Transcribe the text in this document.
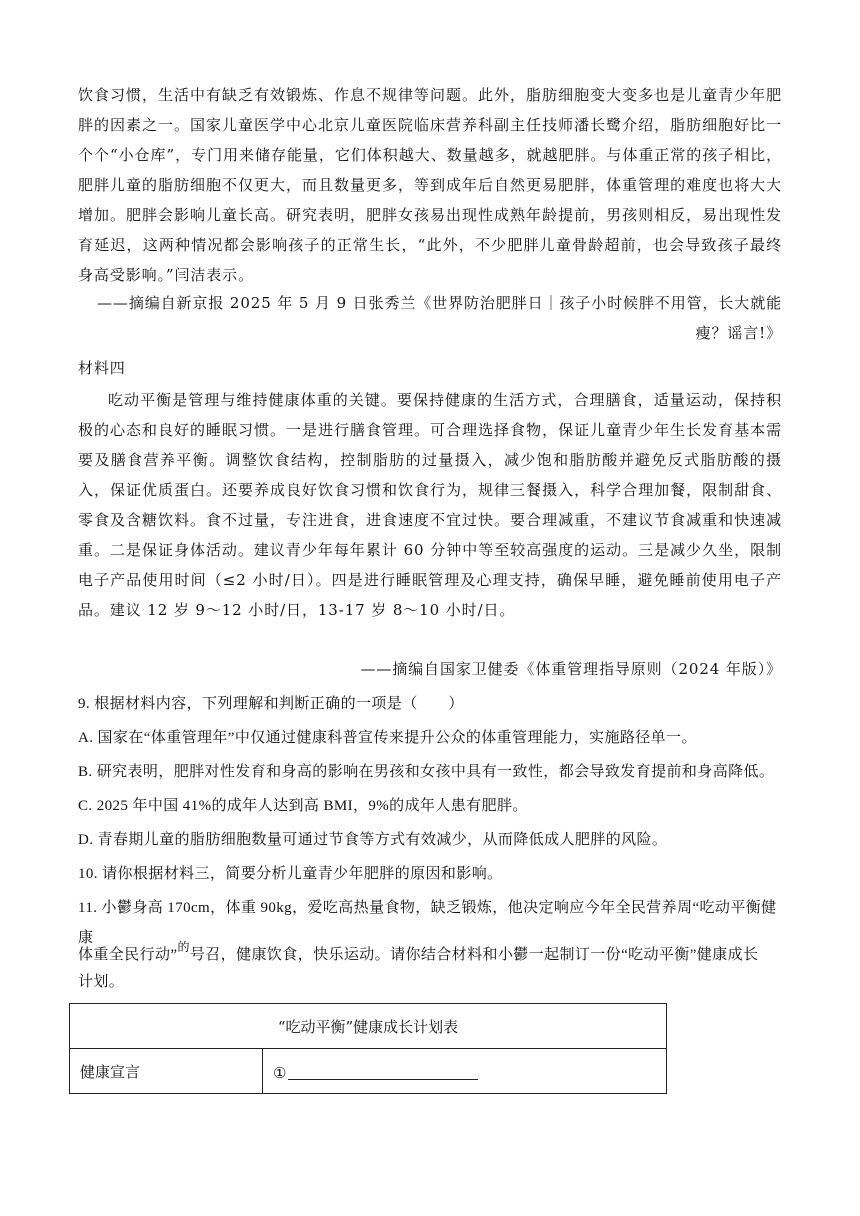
饮食习惯，生活中有缺乏有效锻炼、作息不规律等问题。此外，脂肪细胞变大变多也是儿童青少年肥胖的因素之一。国家儿童医学中心北京儿童医院临床营养科副主任技师潘长鹭介绍，脂肪细胞好比一个个“小仓库”，专门用来储存能量，它们体积越大、数量越多，就越肥胖。与体重正常的孩子相比，肥胖儿童的脂肪细胞不仅更大，而且数量更多，等到成年后自然更易肥胖，体重管理的难度也将大大增加。肥胖会影响儿童长高。研究表明，肥胖女孩易出现性成熟年龄提前，男孩则相反，易出现性发育延迟，这两种情况都会影响孩子的正常生长，“此外，不少肥胖儿童骨龄超前，也会导致孩子最终身高受影响。”闫洁表示。

——摘编自新京报 2025 年 5 月 9 日张秀兰《世界防治肥胖日｜孩子小时候胖不用管，长大就能瘦？谣言!》

材料四

吃动平衡是管理与维持健康体重的关键。要保持健康的生活方式，合理膳食，适量运动，保持积极的心态和良好的睡眠习惯。一是进行膳食管理。可合理选择食物，保证儿童青少年生长发育基本需要及膳食营养平衡。调整饮食结构，控制脂肪的过量摄入，减少饱和脂肪酸并避免反式脂肪酸的摄入，保证优质蛋白。还要养成良好饮食习惯和饮食行为，规律三餐摄入，科学合理加餐，限制甜食、零食及含糖饮料。食不过量，专注进食，进食速度不宜过快。要合理减重，不建议节食减重和快速减重。二是保证身体活动。建议青少年每年累计 60 分钟中等至较高强度的运动。三是减少久坐，限制电子产品使用时间（≤2 小时/日）。四是进行睡眠管理及心理支持，确保早睡，避免睡前使用电子产品。建议 12 岁 9～12 小时/日，13-17 岁 8～10 小时/日。

——摘编自国家卫健委《体重管理指导原则（2024 年版）》

9. 根据材料内容，下列理解和判断正确的一项是（　　）

A. 国家在“体重管理年”中仅通过健康科普宣传来提升公众的体重管理能力，实施路径单一。

B. 研究表明，肥胖对性发育和身高的影响在男孩和女孩中具有一致性，都会导致发育提前和身高降低。

C. 2025 年中国 41%的成年人达到高 BMI，9%的成年人患有肥胖。

D. 青春期儿童的脂肪细胞数量可通过节食等方式有效减少，从而降低成人肥胖的风险。

10. 请你根据材料三，简要分析儿童青少年肥胖的原因和影响。

11. 小鬱身高 170cm，体重 90kg，爱吃高热量食物，缺乏锻炼，他决定响应今年全民营养周“吃动平衡健康

体重全民行动”$^的$号召，健康饮食，快乐运动。请你结合材料和小鬱一起制订一份“吃动平衡”健康成长

计划。

“吃动平衡”健康成长计划表
健康宣言	①
